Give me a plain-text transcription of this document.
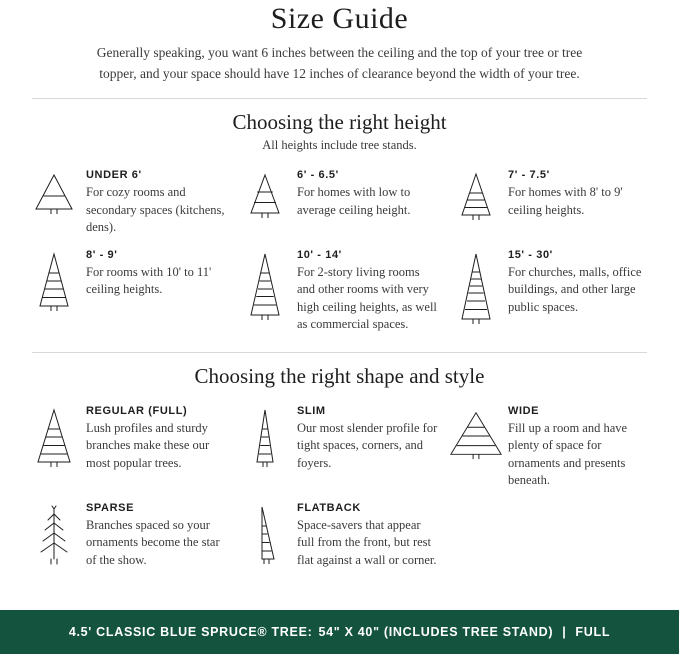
Size Guide

Generally speaking, you want 6 inches between the ceiling and the top of your tree or tree topper, and your space should have 12 inches of clearance beyond the width of your tree.

Choosing the right height

All heights include tree stands.

UNDER 6'

For cozy rooms and secondary spaces (kitchens, dens).

6' - 6.5'

For homes with low to average ceiling height.

7' - 7.5'

For homes with 8' to 9' ceiling heights.

8' - 9'

For rooms with 10' to 11' ceiling heights.

10' - 14'

For 2-story living rooms and other rooms with very high ceiling heights, as well as commercial spaces.

15' - 30'

For churches, malls, office buildings, and other large public spaces.

Choosing the right shape and style

REGULAR (FULL)

Lush profiles and sturdy branches make these our most popular trees.

SLIM

Our most slender profile for tight spaces, corners, and foyers.

WIDE

Fill up a room and have plenty of space for ornaments and presents beneath.

SPARSE

Branches spaced so your ornaments become the star of the show.

FLATBACK

Space-savers that appear full from the front, but rest flat against a wall or corner.

4.5' CLASSIC BLUE SPRUCE® TREE: 54" X 40" (INCLUDES TREE STAND) | FULL
